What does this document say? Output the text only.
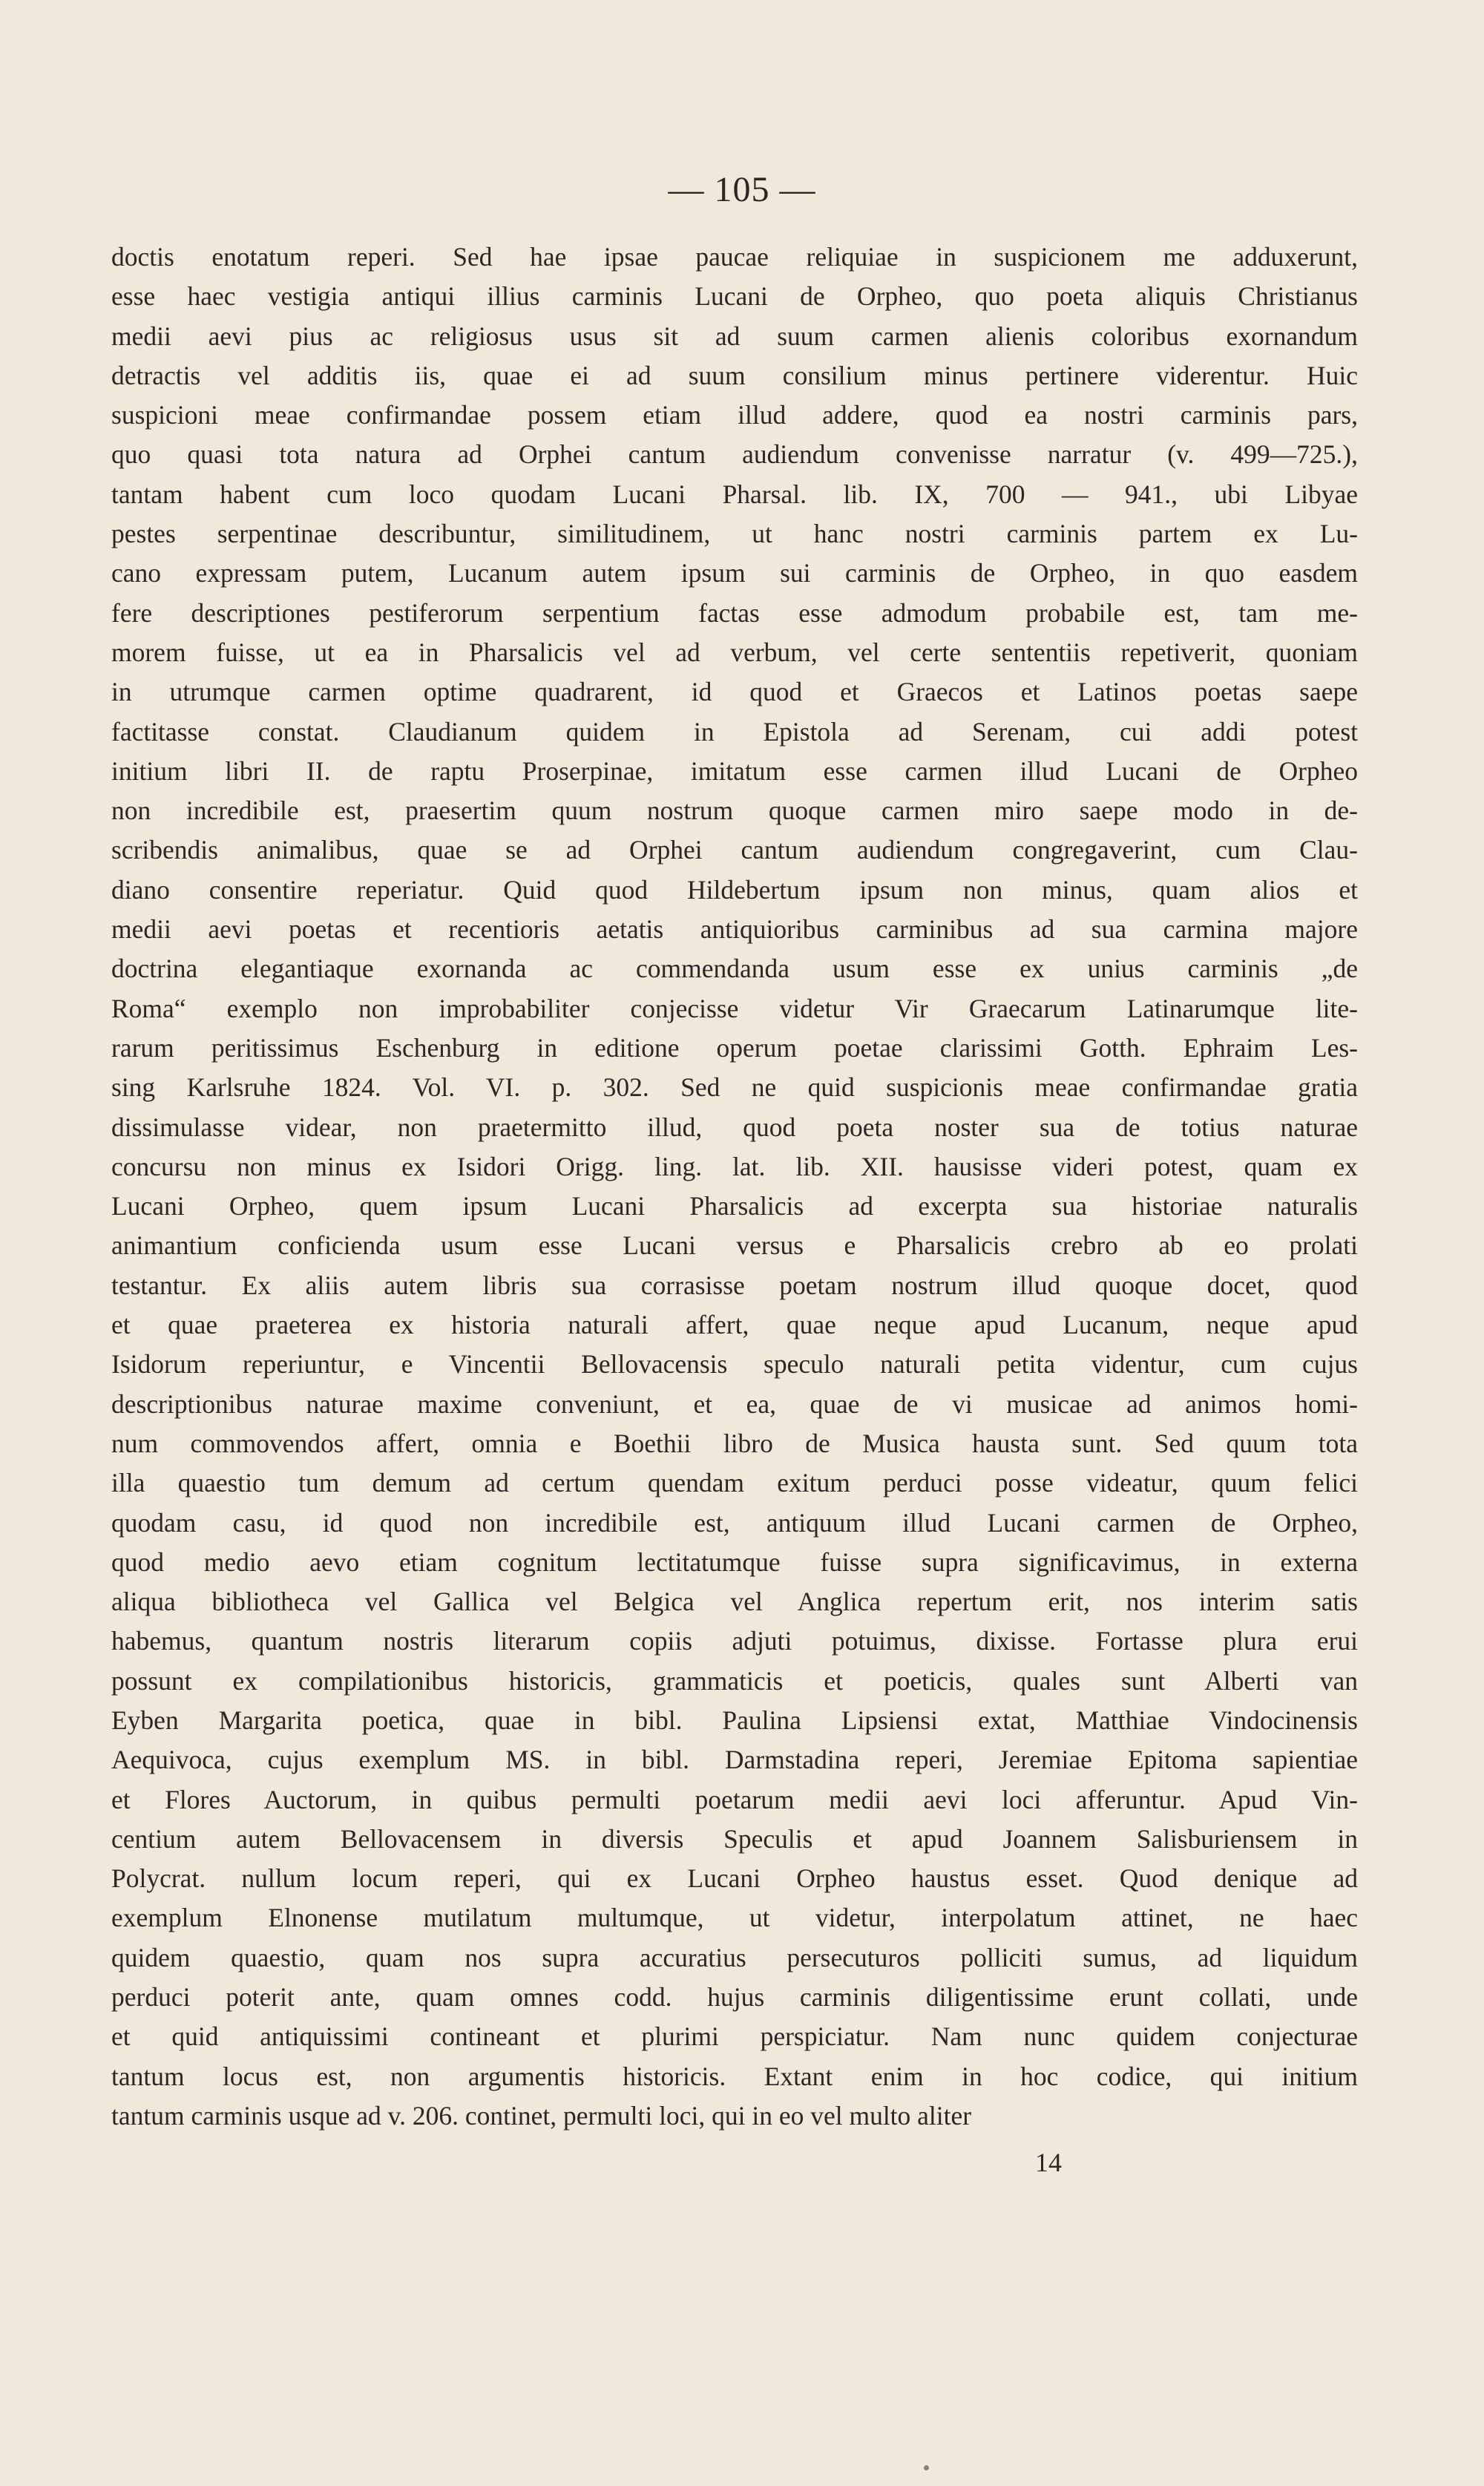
— 105 —
doctis enotatum reperi. Sed hae ipsae paucae reliquiae in suspicionem me adduxerunt,
esse haec vestigia antiqui illius carminis Lucani de Orpheo, quo poeta aliquis Christianus
medii aevi pius ac religiosus usus sit ad suum carmen alienis coloribus exornandum
detractis vel additis iis, quae ei ad suum consilium minus pertinere viderentur. Huic
suspicioni meae confirmandae possem etiam illud addere, quod ea nostri carminis pars,
quo quasi tota natura ad Orphei cantum audiendum convenisse narratur (v. 499—725.),
tantam habent cum loco quodam Lucani Pharsal. lib. IX, 700 — 941., ubi Libyae
pestes serpentinae describuntur, similitudinem, ut hanc nostri carminis partem ex Lu-
cano expressam putem, Lucanum autem ipsum sui carminis de Orpheo, in quo easdem
fere descriptiones pestiferorum serpentium factas esse admodum probabile est, tam me-
morem fuisse, ut ea in Pharsalicis vel ad verbum, vel certe sententiis repetiverit, quoniam
in utrumque carmen optime quadrarent, id quod et Graecos et Latinos poetas saepe
factitasse constat. Claudianum quidem in Epistola ad Serenam, cui addi potest
initium libri II. de raptu Proserpinae, imitatum esse carmen illud Lucani de Orpheo
non incredibile est, praesertim quum nostrum quoque carmen miro saepe modo in de-
scribendis animalibus, quae se ad Orphei cantum audiendum congregaverint, cum Clau-
diano consentire reperiatur. Quid quod Hildebertum ipsum non minus, quam alios et
medii aevi poetas et recentioris aetatis antiquioribus carminibus ad sua carmina majore
doctrina elegantiaque exornanda ac commendanda usum esse ex unius carminis „de
Roma“ exemplo non improbabiliter conjecisse videtur Vir Graecarum Latinarumque lite-
rarum peritissimus Eschenburg in editione operum poetae clarissimi Gotth. Ephraim Les-
sing Karlsruhe 1824. Vol. VI. p. 302. Sed ne quid suspicionis meae confirmandae gratia
dissimulasse videar, non praetermitto illud, quod poeta noster sua de totius naturae
concursu non minus ex Isidori Origg. ling. lat. lib. XII. hausisse videri potest, quam ex
Lucani Orpheo, quem ipsum Lucani Pharsalicis ad excerpta sua historiae naturalis
animantium conficienda usum esse Lucani versus e Pharsalicis crebro ab eo prolati
testantur. Ex aliis autem libris sua corrasisse poetam nostrum illud quoque docet, quod
et quae praeterea ex historia naturali affert, quae neque apud Lucanum, neque apud
Isidorum reperiuntur, e Vincentii Bellovacensis speculo naturali petita videntur, cum cujus
descriptionibus naturae maxime conveniunt, et ea, quae de vi musicae ad animos homi-
num commovendos affert, omnia e Boethii libro de Musica hausta sunt. Sed quum tota
illa quaestio tum demum ad certum quendam exitum perduci posse videatur, quum felici
quodam casu, id quod non incredibile est, antiquum illud Lucani carmen de Orpheo,
quod medio aevo etiam cognitum lectitatumque fuisse supra significavimus, in externa
aliqua bibliotheca vel Gallica vel Belgica vel Anglica repertum erit, nos interim satis
habemus, quantum nostris literarum copiis adjuti potuimus, dixisse. Fortasse plura erui
possunt ex compilationibus historicis, grammaticis et poeticis, quales sunt Alberti van
Eyben Margarita poetica, quae in bibl. Paulina Lipsiensi extat, Matthiae Vindocinensis
Aequivoca, cujus exemplum MS. in bibl. Darmstadina reperi, Jeremiae Epitoma sapientiae
et Flores Auctorum, in quibus permulti poetarum medii aevi loci afferuntur. Apud Vin-
centium autem Bellovacensem in diversis Speculis et apud Joannem Salisburiensem in
Polycrat. nullum locum reperi, qui ex Lucani Orpheo haustus esset. Quod denique ad
exemplum Elnonense mutilatum multumque, ut videtur, interpolatum attinet, ne haec
quidem quaestio, quam nos supra accuratius persecuturos polliciti sumus, ad liquidum
perduci poterit ante, quam omnes codd. hujus carminis diligentissime erunt collati, unde
et quid antiquissimi contineant et plurimi perspiciatur. Nam nunc quidem conjecturae
tantum locus est, non argumentis historicis. Extant enim in hoc codice, qui initium
tantum carminis usque ad v. 206. continet, permulti loci, qui in eo vel multo aliter
14
